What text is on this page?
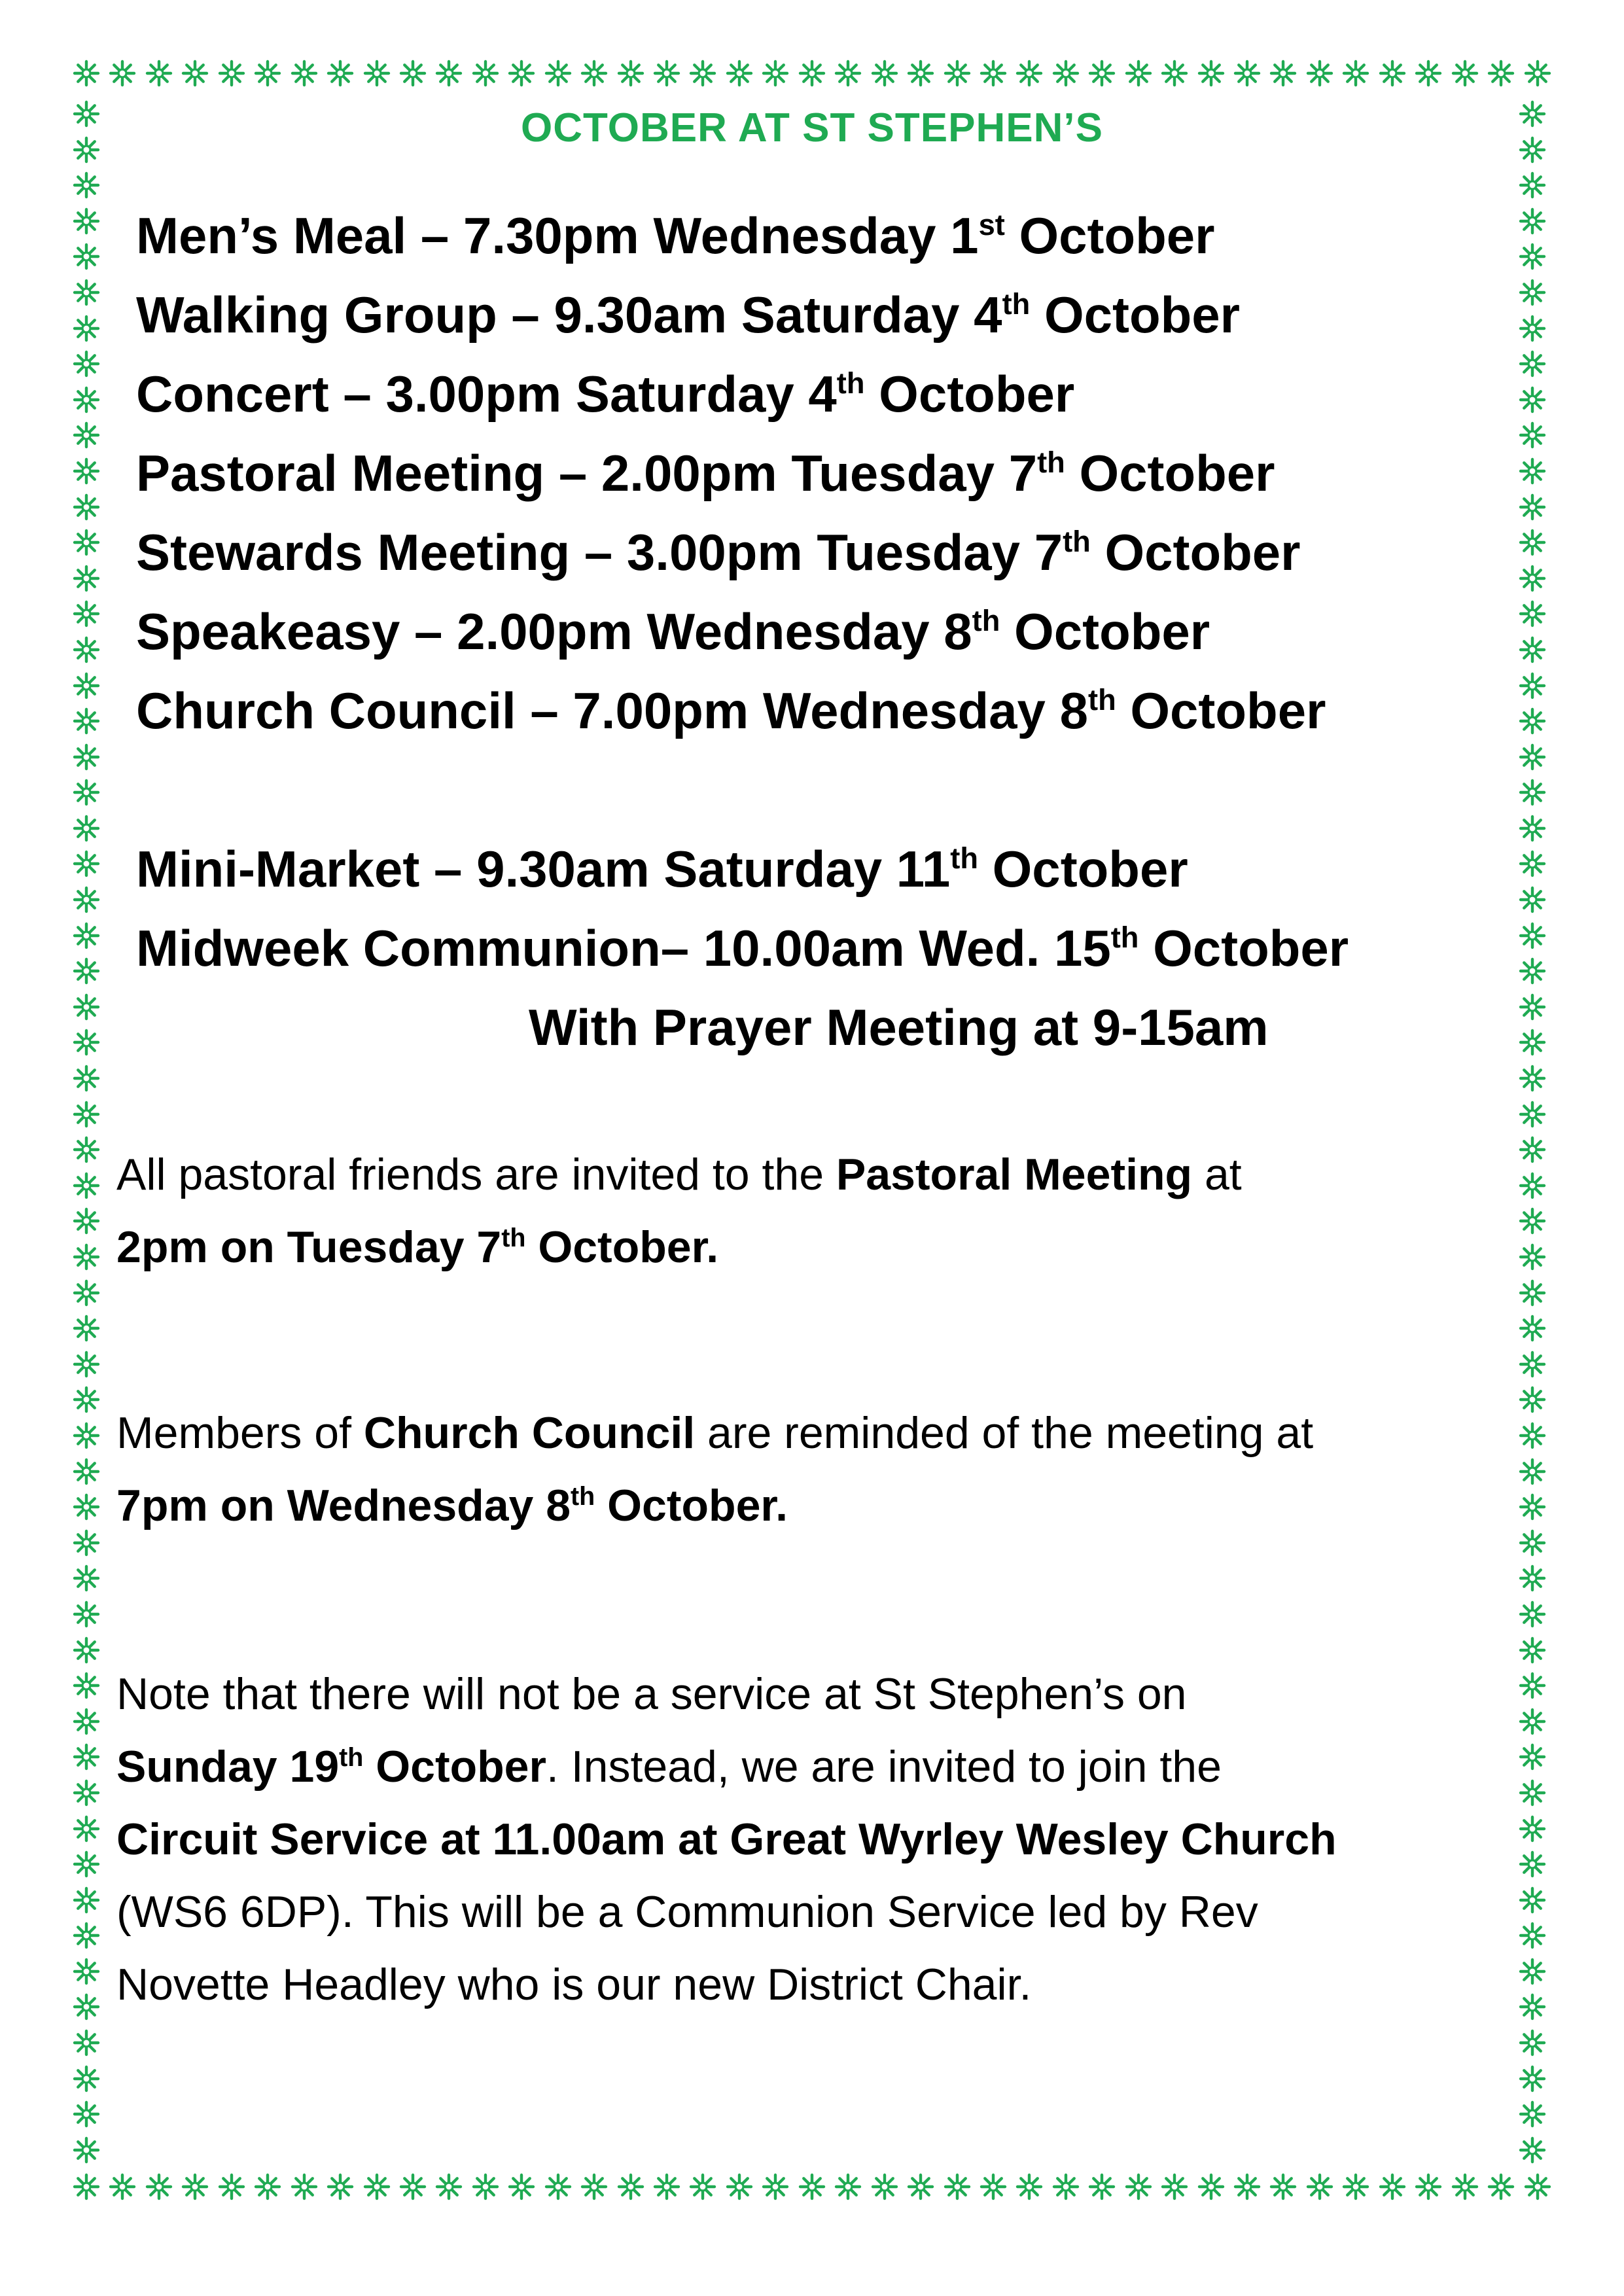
OCTOBER AT ST STEPHEN’S
Men’s Meal – 7.30pm Wednesday 1st October
Walking Group – 9.30am Saturday 4th October
Concert – 3.00pm Saturday 4th October
Pastoral Meeting – 2.00pm Tuesday 7th October
Stewards Meeting – 3.00pm Tuesday 7th October
Speakeasy – 2.00pm Wednesday 8th October
Church Council – 7.00pm Wednesday 8th October
Mini-Market – 9.30am Saturday 11th October
Midweek Communion– 10.00am Wed. 15th October
With Prayer Meeting at 9-15am
All pastoral friends are invited to the Pastoral Meeting at
2pm on Tuesday 7th October.
Members of Church Council are reminded of the meeting at
7pm on Wednesday 8th October.
Note that there will not be a service at St Stephen’s on
Sunday 19th October. Instead, we are invited to join the
Circuit Service at 11.00am at Great Wyrley Wesley Church
(WS6 6DP). This will be a Communion Service led by Rev
Novette Headley who is our new District Chair.
